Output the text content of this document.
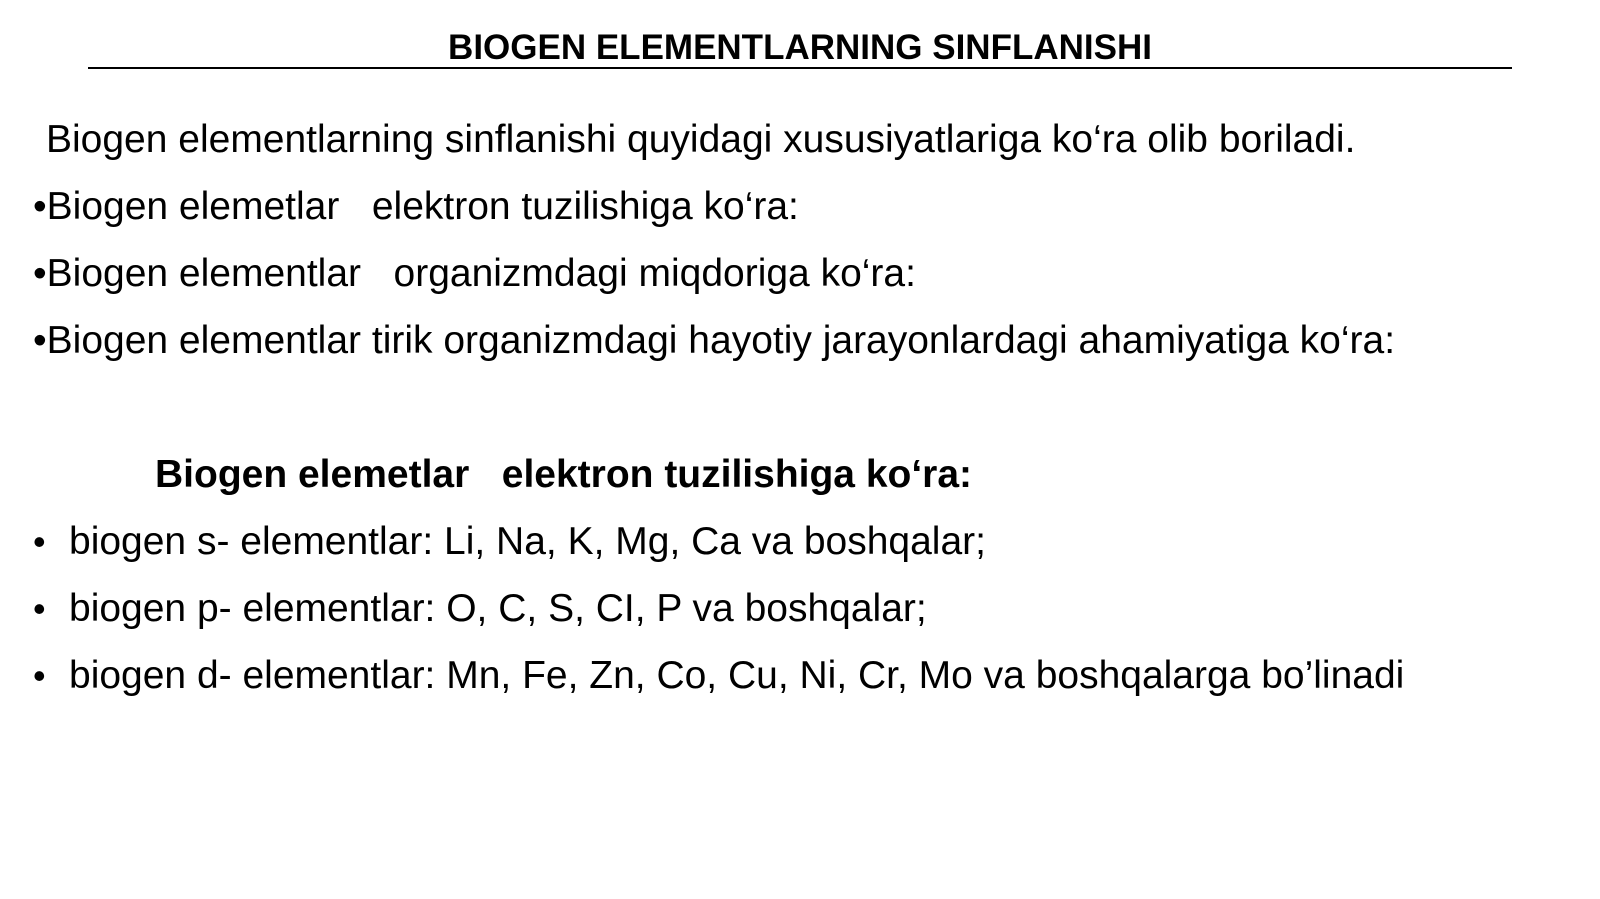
BIOGEN ELEMENTLARNING SINFLANISHI
Biogen elementlarning sinflanishi quyidagi xususiyatlariga ko‘ra olib boriladi.
•Biogen elemetlar   elektron tuzilishiga ko‘ra:
•Biogen elementlar   organizmdagi miqdoriga ko‘ra:
•Biogen elementlar tirik organizmdagi hayotiy jarayonlardagi ahamiyatiga ko‘ra:
Biogen elemetlar   elektron tuzilishiga ko‘ra:
• biogen s- elementlar: Li, Na, K, Mg, Ca va boshqalar;
• biogen p- elementlar: O, C, S, CI, P va boshqalar;
• biogen d- elementlar: Mn, Fe, Zn, Co, Cu, Ni, Cr, Mo va boshqalarga bo’linadi
